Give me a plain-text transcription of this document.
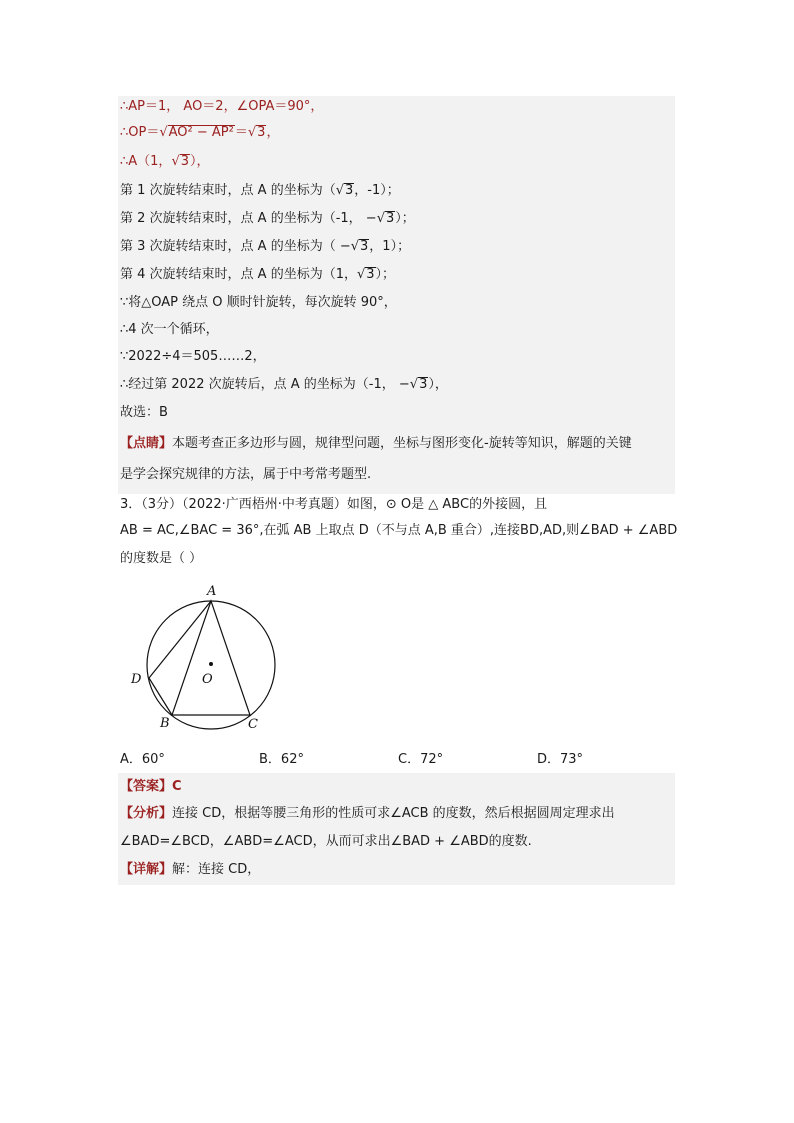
∴AP＝1， AO＝2，∠OPA＝90°，
∴OP＝√AO² − AP²＝√3，
∴A（1，√3），
第 1 次旋转结束时，点 A 的坐标为（√3，-1）；
第 2 次旋转结束时，点 A 的坐标为（-1， −√3）；
第 3 次旋转结束时，点 A 的坐标为（ −√3，1）；
第 4 次旋转结束时，点 A 的坐标为（1，√3）；
∵将△OAP 绕点 O 顺时针旋转，每次旋转 90°，
∴4 次一个循环，
∵2022÷4＝505……2，
∴经过第 2022 次旋转后，点 A 的坐标为（-1， −√3），
故选：B
【点睛】本题考查正多边形与圆，规律型问题，坐标与图形变化-旋转等知识，解题的关键
是学会探究规律的方法，属于中考常考题型.
3．（3分）（2022·广西梧州·中考真题）如图，⊙ O是 △ ABC的外接圆，且
AB = AC,∠BAC = 36°,在弧 AB 上取点 D（不与点 A,B 重合）,连接BD,AD,则∠BAD + ∠ABD
的度数是（ ）
A
B	C
D	O
A．60°	B．62°	C．72°	D．73°
【答案】C
【分析】连接 CD，根据等腰三角形的性质可求∠ACB 的度数，然后根据圆周定理求出
∠BAD=∠BCD，∠ABD=∠ACD，从而可求出∠BAD + ∠ABD的度数.
【详解】解：连接 CD，
